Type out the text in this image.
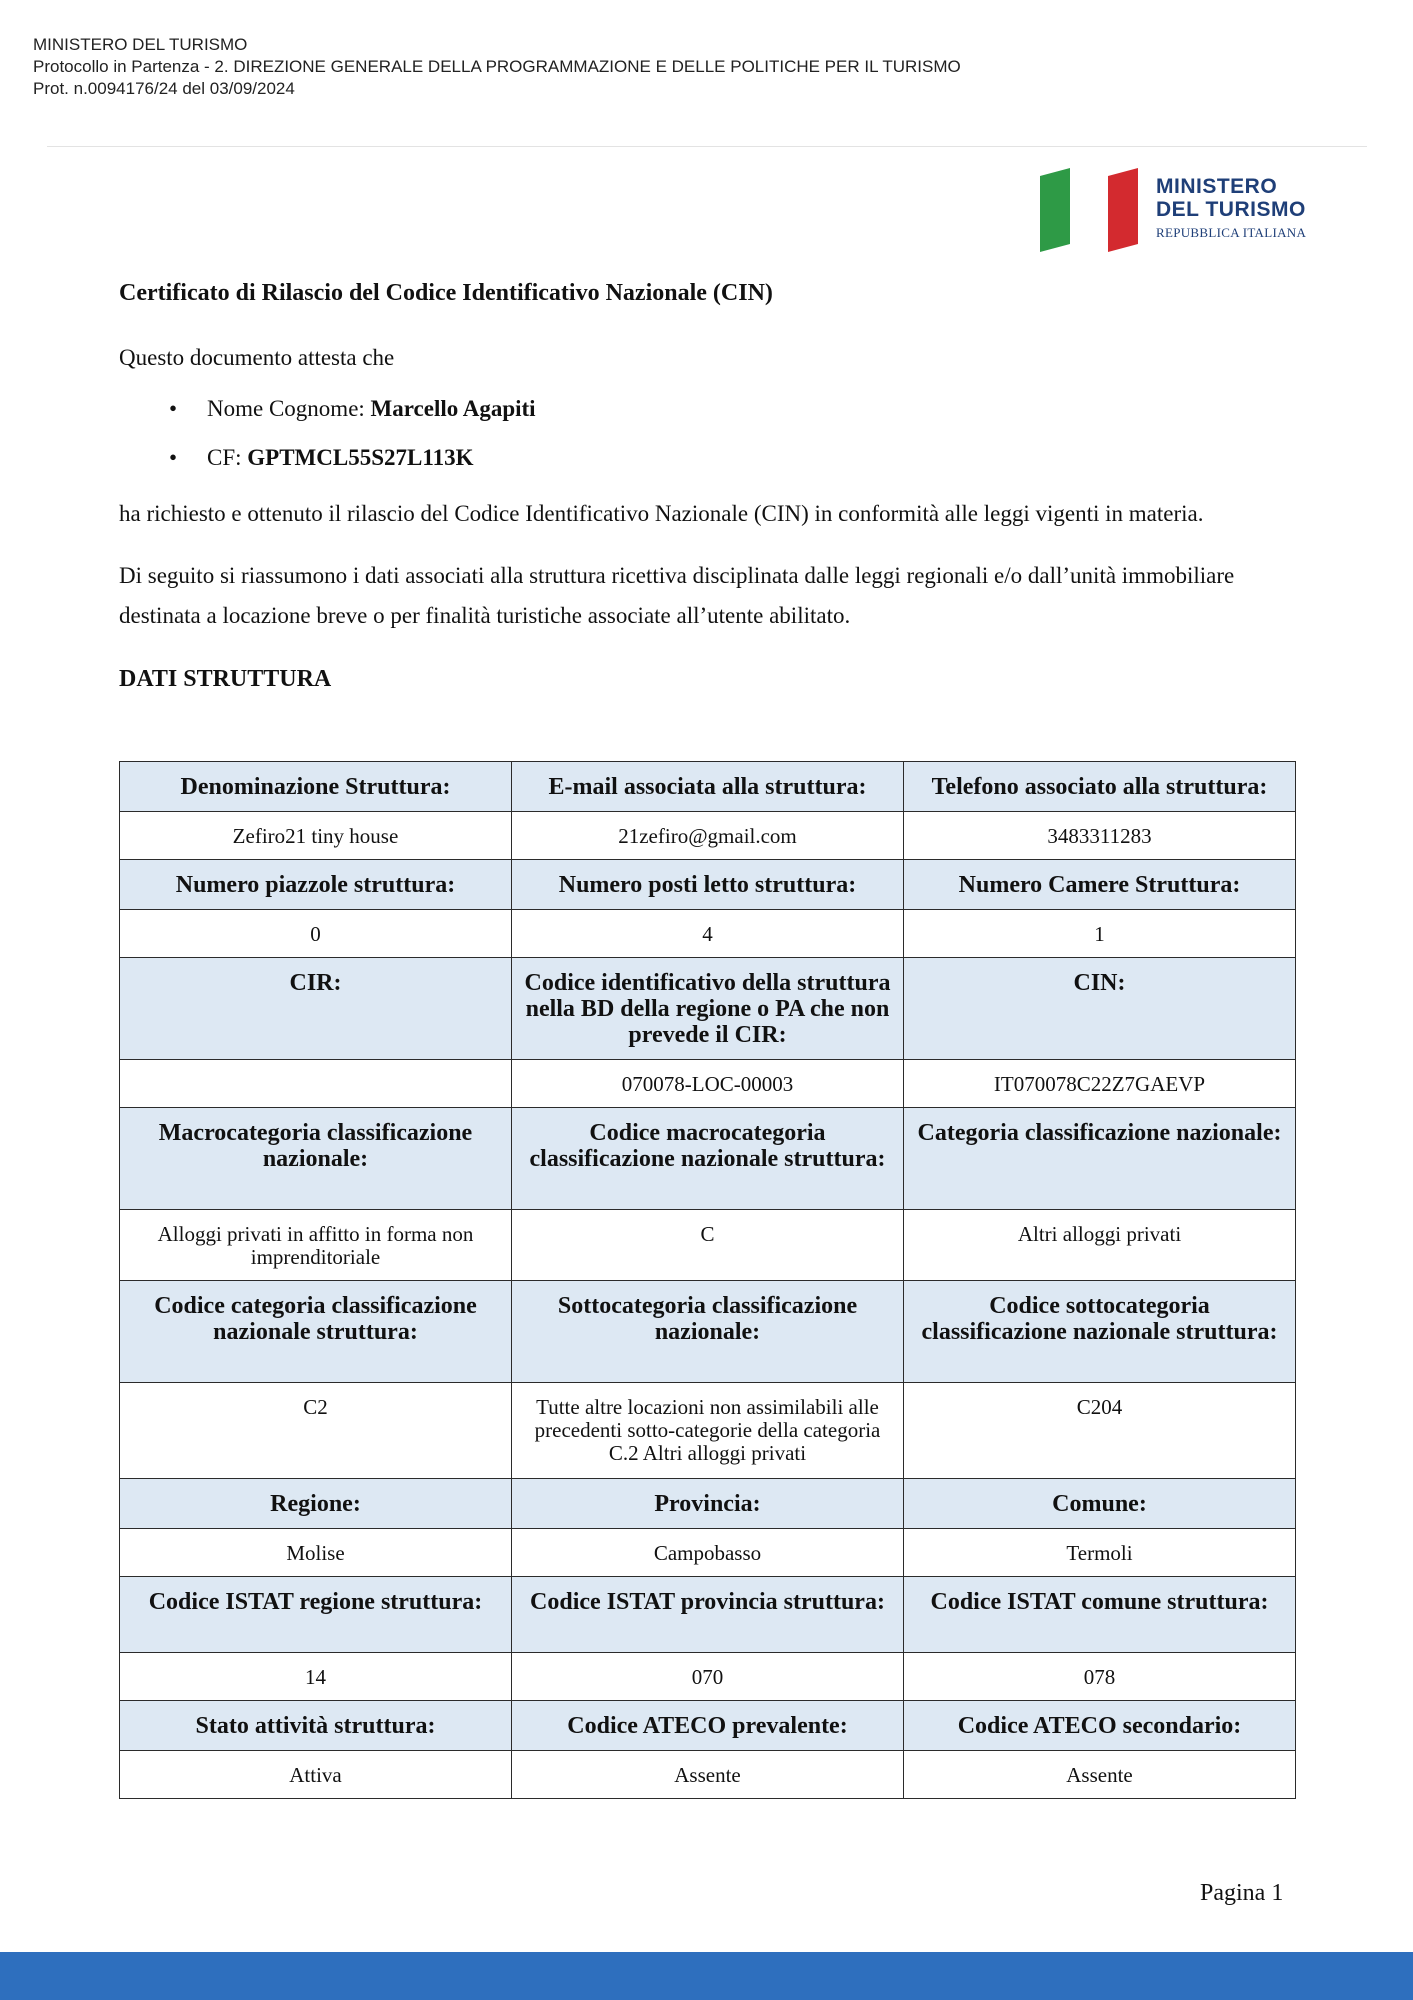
MINISTERO DEL TURISMO
Protocollo in Partenza - 2. DIREZIONE GENERALE DELLA PROGRAMMAZIONE E DELLE POLITICHE PER IL TURISMO
Prot. n.0094176/24 del 03/09/2024
MINISTERO
DEL TURISMO
REPUBBLICA ITALIANA

Certificato di Rilascio del Codice Identificativo Nazionale (CIN)

Questo documento attesta che

• Nome Cognome: Marcello Agapiti
• CF: GPTMCL55S27L113K

ha richiesto e ottenuto il rilascio del Codice Identificativo Nazionale (CIN) in conformità alle leggi vigenti in materia.

Di seguito si riassumono i dati associati alla struttura ricettiva disciplinata dalle leggi regionali e/o dall’unità immobiliare destinata a locazione breve o per finalità turistiche associate all’utente abilitato.

DATI STRUTTURA
Denominazione Struttura:	E-mail associata alla struttura:	Telefono associato alla struttura:
Zefiro21 tiny house	21zefiro@gmail.com	3483311283
Numero piazzole struttura:	Numero posti letto struttura:	Numero Camere Struttura:
0	4	1
CIR:	Codice identificativo della struttura nella BD della regione o PA che non prevede il CIR:	CIN:
	070078-LOC-00003	IT070078C22Z7GAEVP
Macrocategoria classificazione nazionale:	Codice macrocategoria classificazione nazionale struttura:	Categoria classificazione nazionale:
Alloggi privati in affitto in forma non imprenditoriale	C	Altri alloggi privati
Codice categoria classificazione nazionale struttura:	Sottocategoria classificazione nazionale:	Codice sottocategoria classificazione nazionale struttura:
C2	Tutte altre locazioni non assimilabili alle precedenti sotto-categorie della categoria C.2 Altri alloggi privati	C204
Regione:	Provincia:	Comune:
Molise	Campobasso	Termoli
Codice ISTAT regione struttura:	Codice ISTAT provincia struttura:	Codice ISTAT comune struttura:
14	070	078
Stato attività struttura:	Codice ATECO prevalente:	Codice ATECO secondario:
Attiva	Assente	Assente
Pagina 1
